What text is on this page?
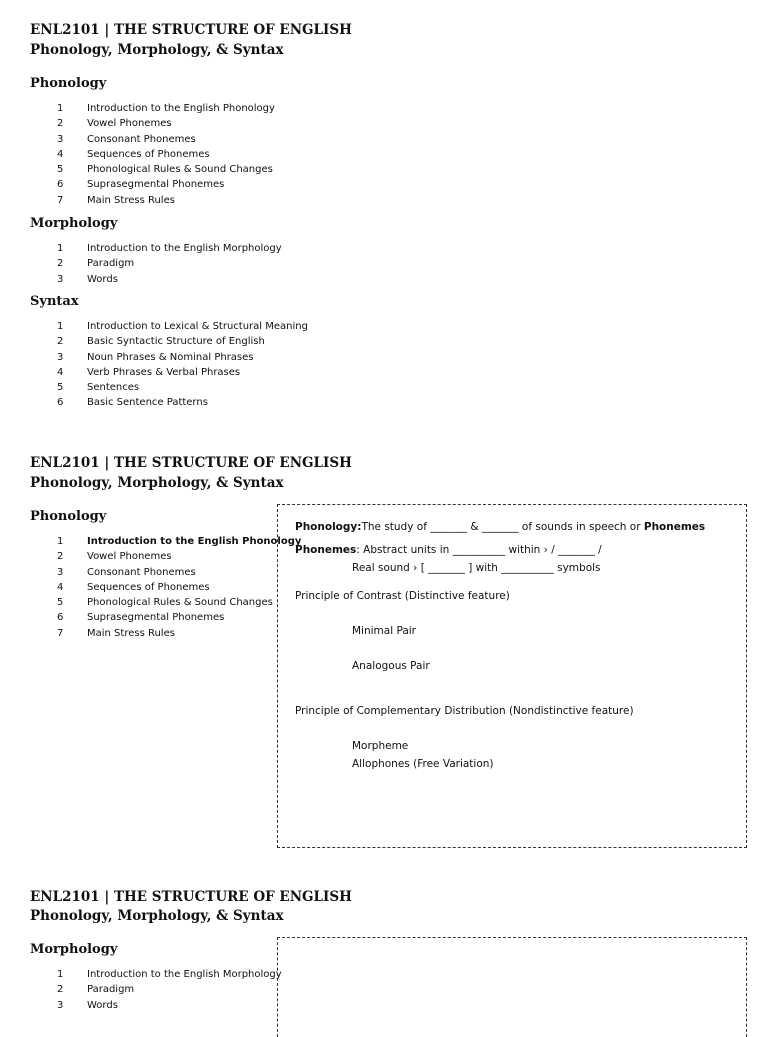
ENL2101 | THE STRUCTURE OF ENGLISH
Phonology, Morphology, & Syntax
Phonology
1	Introduction to the English Phonology
2	Vowel Phonemes
3	Consonant Phonemes
4	Sequences of Phonemes
5	Phonological Rules & Sound Changes
6	Suprasegmental Phonemes
7	Main Stress Rules
Morphology
1	Introduction to the English Morphology
2	Paradigm
3	Words
Syntax
1	Introduction to Lexical & Structural Meaning
2	Basic Syntactic Structure of English
3	Noun Phrases & Nominal Phrases
4	Verb Phrases & Verbal Phrases
5	Sentences
6	Basic Sentence Patterns
ENL2101 | THE STRUCTURE OF ENGLISH
Phonology, Morphology, & Syntax
Phonology
1	Introduction to the English Phonology
2	Vowel Phonemes
3	Consonant Phonemes
4	Sequences of Phonemes
5	Phonological Rules & Sound Changes
6	Suprasegmental Phonemes
7	Main Stress Rules
Phonology:The study of _______ & _______ of sounds in speech or Phonemes
Phonemes: Abstract units in __________ within › / _______ /
Real sound › [ _______ ] with __________ symbols
Principle of Contrast (Distinctive feature)
Minimal Pair
Analogous Pair
Principle of Complementary Distribution (Nondistinctive feature)
Morpheme
Allophones (Free Variation)
ENL2101 | THE STRUCTURE OF ENGLISH
Phonology, Morphology, & Syntax
Morphology
1	Introduction to the English Morphology
2	Paradigm
3	Words
